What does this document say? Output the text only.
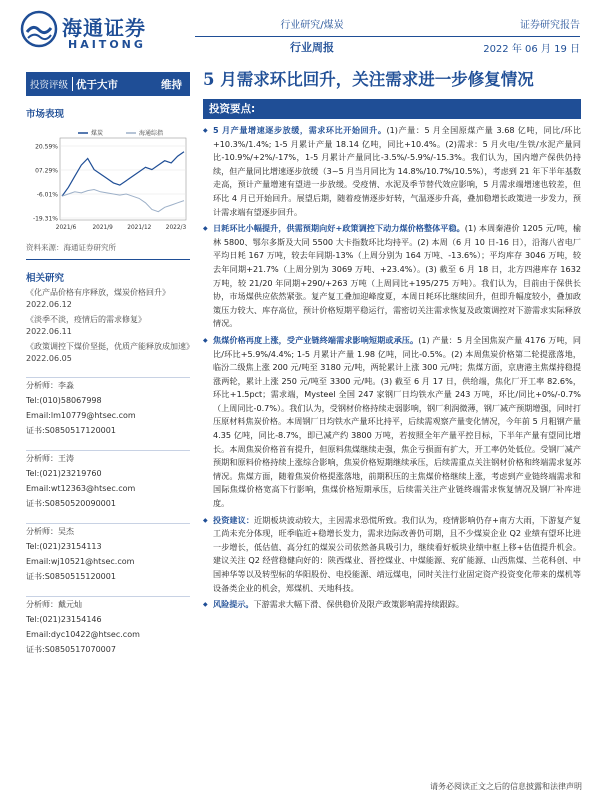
海通证券
HAITONG
行业研究/煤炭
行业周报
证券研究报告
2022 年 06 月 19 日
投资评级 优于大市	维持
市场表现
20.59%
07.29%
-6.01%
-19.31%
2021/6	2021/9 2021/12 2022/3
煤炭	海通综指
资料来源：海通证券研究所
相关研究
《化产品价格有序释放，煤炭价格回升》
2022.06.12
《淡季不淡，疫情后的需求修复》
2022.06.11
《政策调控下煤价坚挺，优质产能释放成加速》
2022.06.05
分析师：李淼
Tel:(010)58067998
Email:lm10779@htsec.com
证书:S0850517120001
分析师：王涛
Tel:(021)23219760
Email:wt12363@htsec.com
证书:S0850520090001
分析师：吴杰
Tel:(021)23154113
Email:wj10521@htsec.com
证书:S0850515120001
分析师：戴元灿
Tel:(021)23154146
Email:dyc10422@htsec.com
证书:S0850517070007
5 月需求环比回升，关注需求进一步修复情况
投资要点:
◆ 5 月产量增速逐步放缓，需求环比开始回升。(1)产量：5 月全国原煤产量 3.68 亿吨，同比/环比+10.3%/1.4%; 1-5 月累计产量 18.14 亿吨，同比+10.4%。(2)需求：5 月火电/生铁/水泥产量同比-10.9%/+2%/-17%，1-5 月累计产量同比-3.5%/-5.9%/-15.3%。我们认为，国内增产保供仍持续，但产量同比增速逐步放缓（3~5 月当月同比为 14.8%/10.7%/10.5%），考虑到 21 年下半年基数走高，预计产量增速有望进一步放缓。受疫情、水泥及季节替代效应影响，5 月需求端增速也较差，但环比 4 月已开始回升。展望后期，随着疫情逐步好转，气温逐步升高，叠加稳增长政策进一步发力，预计需求端有望逐步回升。
◆ 日耗环比小幅提升，供需预期向好+政策调控下动力煤价格整体平稳。(1) 本周秦港价 1205 元/吨，榆林 5800、鄂尔多斯及大同 5500 大卡指数环比均持平。(2) 本周（6 月 10 日-16 日），沿海八省电厂平均日耗 167 万吨，较去年同期-13%（上周分别为 164 万吨、-13.6%）；平均库存 3046 万吨，较去年同期+21.7%（上周分别为 3069 万吨、+23.4%）。(3) 截至 6 月 18 日，北方四港库存 1632 万吨，较 21/20 年同期+290/+263 万吨（上周同比+195/275 万吨）。我们认为，目前由于保供长协，市场煤供应依然紧张。复产复工叠加迎峰度夏，本周日耗环比继续回升，但即升幅度较小，叠加政策压力较大、库存高位，预计价格短期平稳运行，需密切关注需求恢复及政策调控对下游需求实际释放情况。
◆ 焦煤价格再度上涨，受产业链终端需求影响短期或承压。(1) 产量：5 月全国焦炭产量 4176 万吨，同比/环比+5.9%/4.4%; 1-5 月累计产量 1.98 亿吨，同比-0.5%。(2) 本周焦炭价格第二轮提涨落地，临汾二级焦上涨 200 元/吨至 3180 元/吨，两轮累计上涨 300 元/吨；焦煤方面，京唐港主焦煤持稳提涨两轮，累计上涨 250 元/吨至 3300 元/吨。(3) 截至 6 月 17 日，供给端，焦化厂开工率 82.6%，环比+1.5pct；需求端，Mysteel 全国 247 家钢厂日均铁水产量 243 万吨，环比/同比+0%/-0.7%（上周同比-0.7%）。我们认为，受钢材价格持续走弱影响，钢厂利润微薄，钢厂减产预期增强，同时打压原材料焦炭价格。本周钢厂日均铁水产量环比持平，后续需观察产量变化情况，今年前 5 月粗钢产量 4.35 亿吨，同比-8.7%，即已减产约 3800 万吨，若按照全年产量平控目标，下半年产量有望同比增长。本周焦炭价格首有提升，但原料焦煤继续走强，焦企亏损面有扩大，开工率仍处低位。受钢厂减产预期和原料价格持续上涨综合影响，焦炭价格短期继续承压，后续需重点关注钢材价格和终端需求复苏情况。焦煤方面，随着焦炭价格提涨落地，前期积压的主焦煤价格继续上涨，考虑到产业链终端需求和国际焦煤价格宽高下行影响，焦煤价格短期承压，后续需关注产业链终端需求恢复情况及钢厂补库进度。
◆ 投资建议：近期板块波动较大，主因需求恐慌所致。我们认为，疫情影响仍存+南方大雨，下游复产复工尚未充分体现，旺季临近+稳增长发力，需求边际改善仍可期，且不少煤炭企业 Q2 业绩有望环比进一步增长，低估值、高分红的煤炭公司依然备具吸引力，继续看好板块业绩中枢上移+估值提升机会。建议关注 Q2 经营稳健向好的：陕西煤业、晋控煤业、中煤能源、兖矿能源、山西焦煤、兰花科创、中国神华等以及转型标的华阳股份、电投能源、靖远煤电，同时关注行业固定资产投资变化带来的煤机等设备类企业的机会，郑煤机、天地科技。
◆ 风险提示。下游需求大幅下滑、保供稳价及限产政策影响需持续跟踪。
请务必阅读正文之后的信息披露和法律声明
